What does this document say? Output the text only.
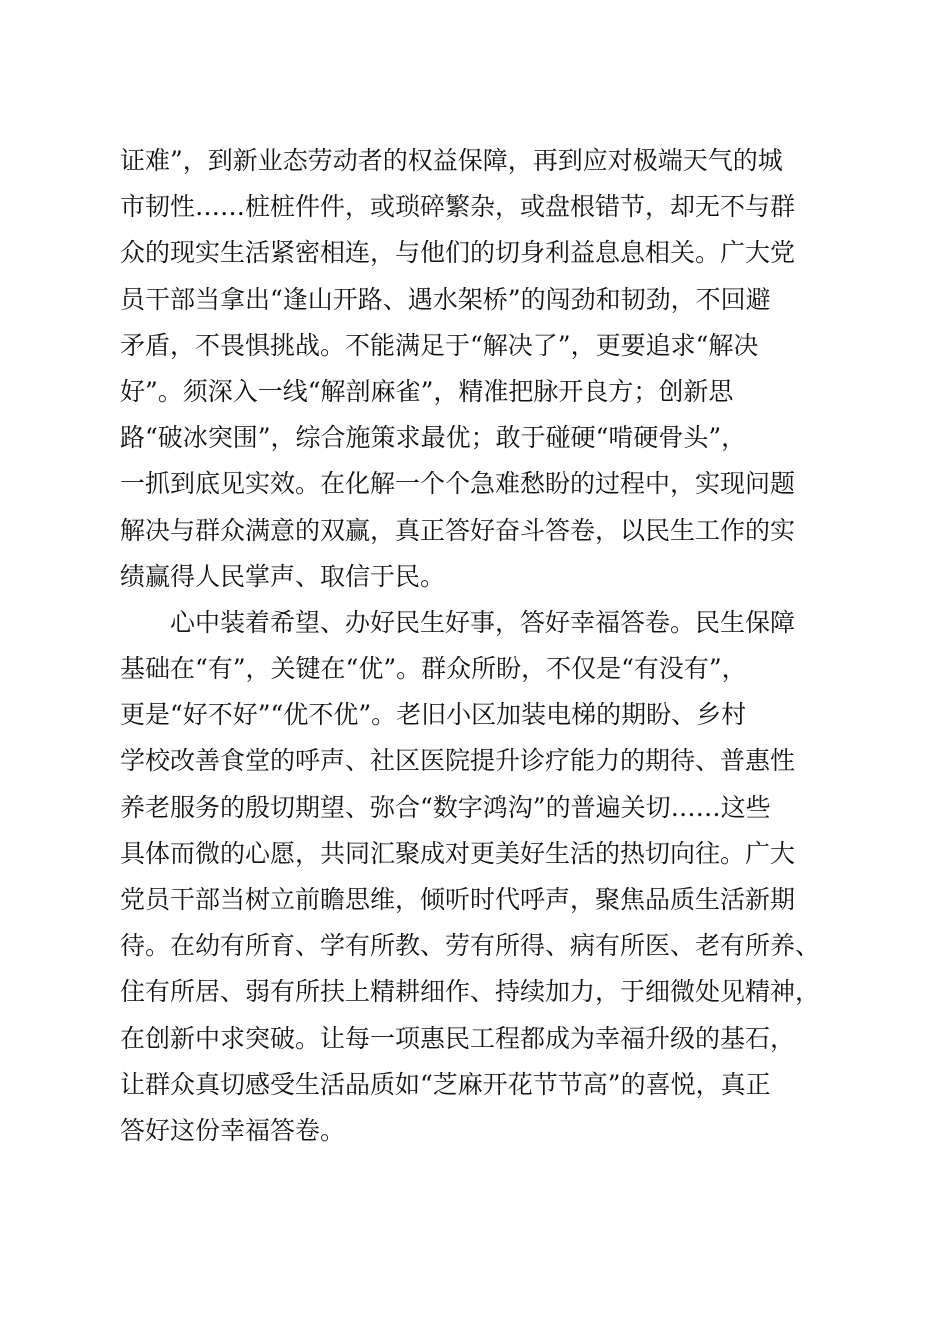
证难”，到新业态劳动者的权益保障，再到应对极端天气的城
市韧性……桩桩件件，或琐碎繁杂，或盘根错节，却无不与群
众的现实生活紧密相连，与他们的切身利益息息相关。广大党
员干部当拿出“逢山开路、遇水架桥”的闯劲和韧劲，不回避
矛盾，不畏惧挑战。不能满足于“解决了”，更要追求“解决
好”。须深入一线“解剖麻雀”，精准把脉开良方；创新思
路“破冰突围”，综合施策求最优；敢于碰硬“啃硬骨头”，
一抓到底见实效。在化解一个个急难愁盼的过程中，实现问题
解决与群众满意的双赢，真正答好奋斗答卷，以民生工作的实
绩赢得人民掌声、取信于民。
心中装着希望、办好民生好事，答好幸福答卷。民生保障
基础在“有”，关键在“优”。群众所盼，不仅是“有没有”，
更是“好不好”“优不优”。老旧小区加装电梯的期盼、乡村
学校改善食堂的呼声、社区医院提升诊疗能力的期待、普惠性
养老服务的殷切期望、弥合“数字鸿沟”的普遍关切……这些
具体而微的心愿，共同汇聚成对更美好生活的热切向往。广大
党员干部当树立前瞻思维，倾听时代呼声，聚焦品质生活新期
待。在幼有所育、学有所教、劳有所得、病有所医、老有所养、
住有所居、弱有所扶上精耕细作、持续加力，于细微处见精神，
在创新中求突破。让每一项惠民工程都成为幸福升级的基石，
让群众真切感受生活品质如“芝麻开花节节高”的喜悦，真正
答好这份幸福答卷。
